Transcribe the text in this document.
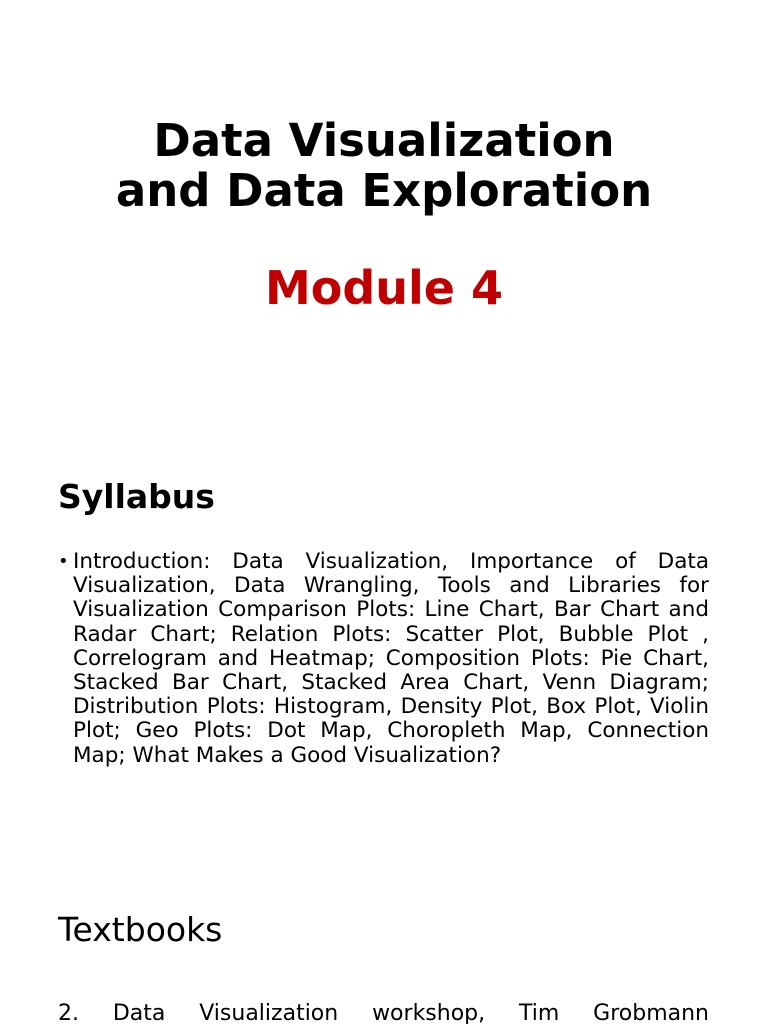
Data Visualization
and Data Exploration
Module 4
Syllabus
• Introduction: Data Visualization, Importance of Data Visualization, Data Wrangling, Tools and Libraries for Visualization Comparison Plots: Line Chart, Bar Chart and Radar Chart; Relation Plots: Scatter Plot, Bubble Plot , Correlogram and Heatmap; Composition Plots: Pie Chart, Stacked Bar Chart, Stacked Area Chart, Venn Diagram; Distribution Plots: Histogram, Density Plot, Box Plot, Violin Plot; Geo Plots: Dot Map, Choropleth Map, Connection Map; What Makes a Good Visualization?
Textbooks

2. Data Visualization workshop, Tim Grobmann
